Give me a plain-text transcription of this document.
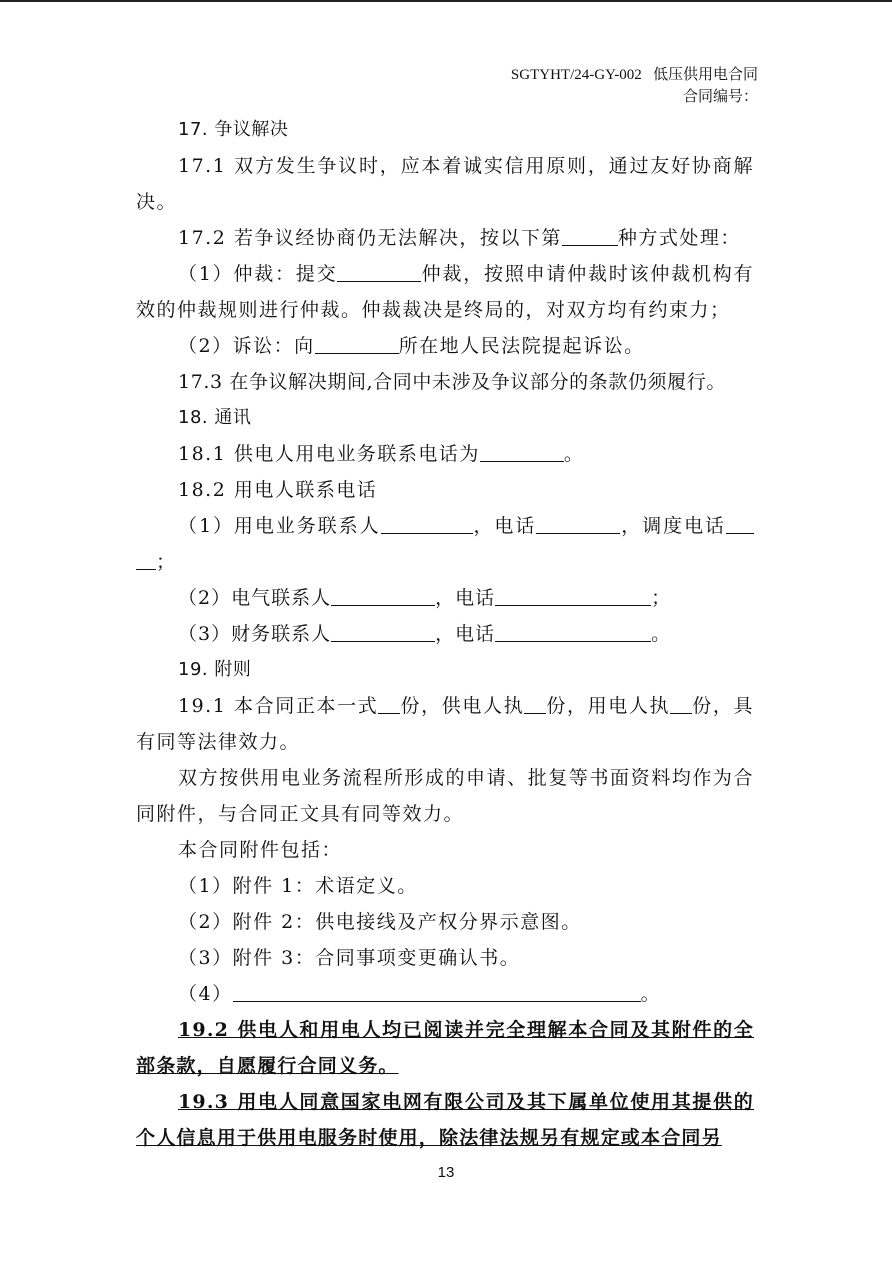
SGTYHT/24-GY-002 低压供用电合同
合同编号：

17. 争议解决

17.1 双方发生争议时，应本着诚实信用原则，通过友好协商解决。

17.2 若争议经协商仍无法解决，按以下第	种方式处理：

（1）仲裁：提交	仲裁，按照申请仲裁时该仲裁机构有效的仲裁规则进行仲裁。仲裁裁决是终局的，对双方均有约束力；

（2）诉讼：向	所在地人民法院提起诉讼。

17.3 在争议解决期间,合同中未涉及争议部分的条款仍须履行。

18. 通讯

18.1 供电人用电业务联系电话为	。

18.2 用电人联系电话

（1）用电业务联系人	，电话	，调度电话；

（2）电气联系人	，电话	；

（3）财务联系人	，电话	。

19. 附则

19.1 本合同正本一式 份，供电人执 份，用电人执 份，具有同等法律效力。

双方按供用电业务流程所形成的申请、批复等书面资料均作为合同附件，与合同正文具有同等效力。

本合同附件包括：

（1）附件 1：术语定义。

（2）附件 2：供电接线及产权分界示意图。

（3）附件 3：合同事项变更确认书。

（4）	。

19.2 供电人和用电人均已阅读并完全理解本合同及其附件的全部条款，自愿履行合同义务。

19.3 用电人同意国家电网有限公司及其下属单位使用其提供的个人信息用于供用电服务时使用，除法律法规另有规定或本合同另

13
